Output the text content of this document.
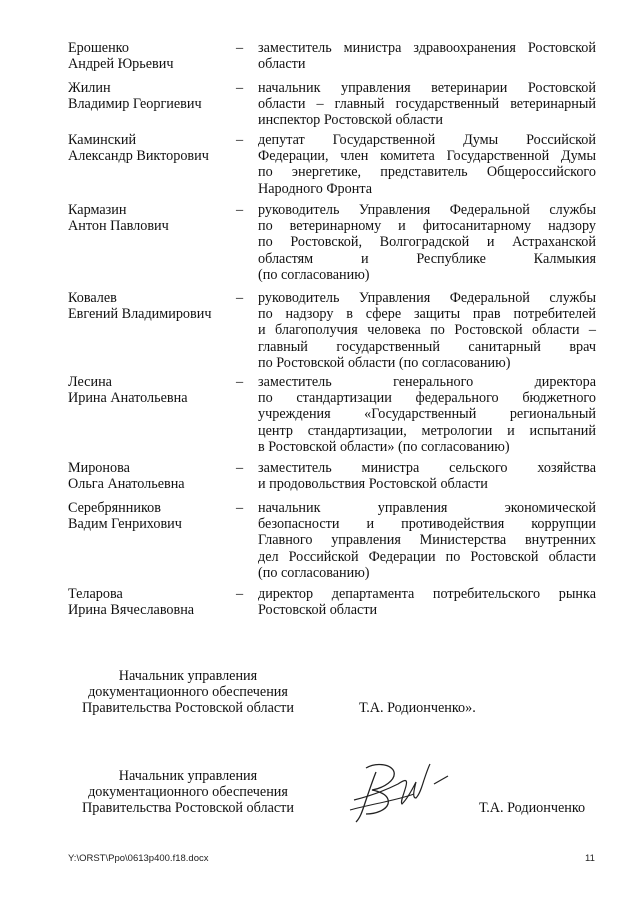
Ерошенко
Андрей Юрьевич
– заместитель министра здравоохранения Ростовской
области
Жилин
Владимир Георгиевич
– начальник управления ветеринарии Ростовской
области – главный государственный ветеринарный
инспектор Ростовской области
Каминский
Александр Викторович
– депутат Государственной Думы Российской
Федерации, член комитета Государственной Думы
по энергетике, представитель Общероссийского
Народного Фронта
Кармазин
Антон Павлович
– руководитель Управления Федеральной службы
по ветеринарному и фитосанитарному надзору
по Ростовской, Волгоградской и Астраханской
областям и Республике Калмыкия
(по согласованию)
Ковалев
Евгений Владимирович
– руководитель Управления Федеральной службы
по надзору в сфере защиты прав потребителей
и благополучия человека по Ростовской области –
главный государственный санитарный врач
по Ростовской области (по согласованию)
Лесина
Ирина Анатольевна
– заместитель генерального директора
по стандартизации федерального бюджетного
учреждения «Государственный региональный
центр стандартизации, метрологии и испытаний
в Ростовской области» (по согласованию)
Миронова
Ольга Анатольевна
– заместитель министра сельского хозяйства
и продовольствия Ростовской области
Серебрянников
Вадим Генрихович
– начальник управления экономической
безопасности и противодействия коррупции
Главного управления Министерства внутренних
дел Российской Федерации по Ростовской области
(по согласованию)
Теларова
Ирина Вячеславовна
– директор департамента потребительского рынка
Ростовской области
Начальник управления
документационного обеспечения
Правительства Ростовской области	Т.А. Родионченко».
Начальник управления
документационного обеспечения
Правительства Ростовской области	Т.А. Родионченко
Y:\ORST\Ppo\0613p400.f18.docx	11
